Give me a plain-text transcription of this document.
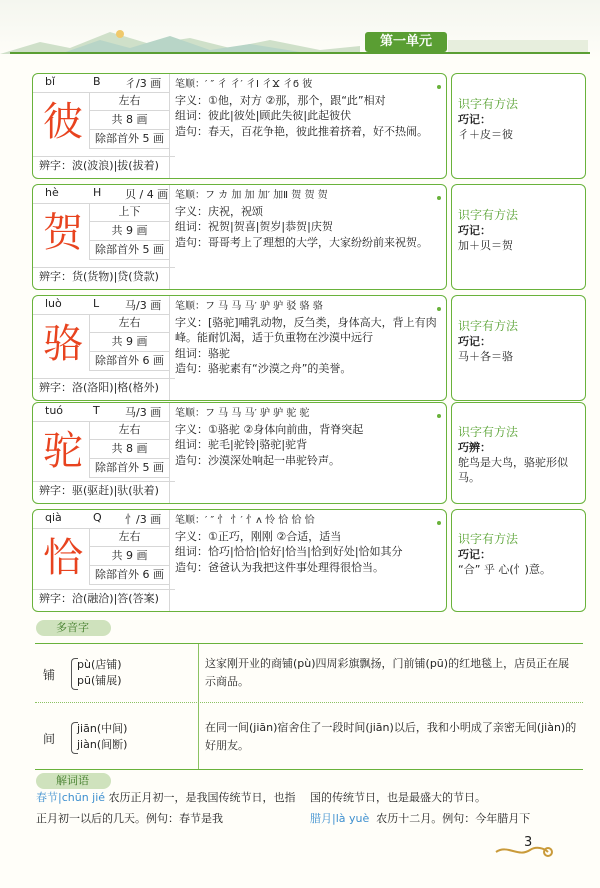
第一单元
bǐ	B 彳/3 画
彼	左右
共 8 画
除部首外 5 画
辨字：波(波浪)|拔(拔着)
笔顺：′ ″ 彳 彳′ 彳Ⅰ 彳Ϫ 彳ϭ 彼
字义：①他，对方 ②那，那个，跟“此”相对
组词：彼此|彼处|顾此失彼|此起彼伏
造句：春天，百花争艳，彼此推着挤着，好不热闹。
识字有方法
巧记：
彳＋皮＝彼
hè	H 贝 / 4 画
贺	上下
共 9 画
除部首外 5 画
辨字：货(货物)|贷(贷款)
笔顺：フ カ 加 加 加′ 加Ⅱ 贺 贺 贺
字义：庆祝，祝颂
组词：祝贺|贺喜|贺岁|恭贺|庆贺
造句：哥哥考上了理想的大学，大家纷纷前来祝贺。
识字有方法
巧记：
加＋贝＝贺
luò	L 马/3 画
骆	左右
共 9 画
除部首外 6 画
辨字：洛(洛阳)|格(格外)
笔顺：フ 马 马 马′ 驴 驴 驳 骆 骆
字义：[骆驼]哺乳动物，反刍类，身体高大，背上有肉峰。能耐饥渴，适于负重物在沙漠中远行
组词：骆驼
造句：骆驼素有“沙漠之舟”的美誉。
识字有方法
巧记：
马＋各＝骆
tuó	T 马/3 画
驼	左右
共 8 画
除部首外 5 画
辨字：驱(驱赶)|驮(驮着)
笔顺：フ 马 马 马′ 驴 驴 驼 驼
字义：①骆驼 ②身体向前曲，背脊突起
组词：驼毛|驼铃|骆驼|驼背
造句：沙漠深处响起一串驼铃声。
识字有方法
巧辨：
鸵鸟是大鸟，骆驼形似马。
qià	Q 忄/3 画
恰	左右
共 9 画
除部首外 6 画
辨字：洽(融洽)|答(答案)
笔顺：′ ″ 忄 忄′ 忄ᴧ 怜 恰 恰 恰
字义：①正巧，刚刚 ②合适，适当
组词：恰巧|恰恰|恰好|恰当|恰到好处|恰如其分
造句：爸爸认为我把这件事处理得很恰当。
识字有方法
巧记：
“合” 乎 心(忄)意。
多音字
铺
pù(店铺)
pū(铺展)
这家刚开业的商铺(pù)四周彩旗飘扬，门前铺(pū)的红地毯上，店员正在展示商品。
间
jiān(中间)
jiàn(间断)
在同一间(jiān)宿舍住了一段时间(jiān)以后，我和小明成了亲密无间(jiàn)的好朋友。
解词语
春节|chūn jié 农历正月初一，是我国传统节日，也指正月初一以后的几天。例句：春节是我
国的传统节日，也是最盛大的节日。
腊月|là yuè 农历十二月。例句：今年腊月下
3
